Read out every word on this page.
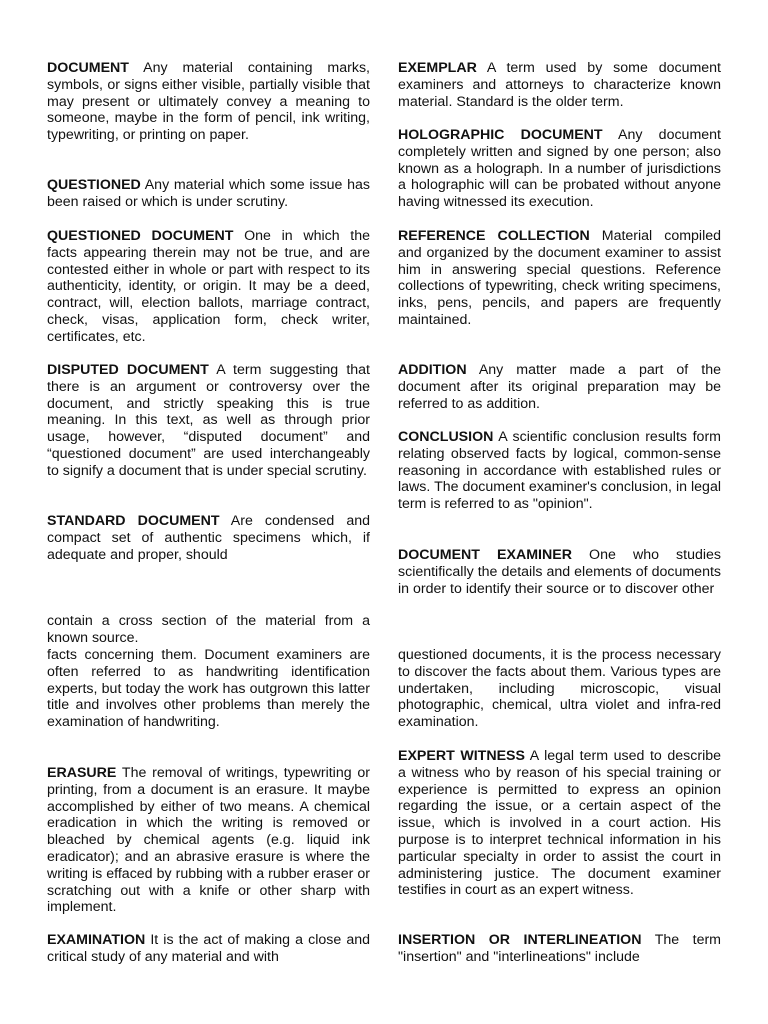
DOCUMENT Any material containing marks, symbols, or signs either visible, partially visible that may present or ultimately convey a meaning to someone, maybe in the form of pencil, ink writing, typewriting, or printing on paper.

QUESTIONED Any material which some issue has been raised or which is under scrutiny.

QUESTIONED DOCUMENT One in which the facts appearing therein may not be true, and are contested either in whole or part with respect to its authenticity, identity, or origin. It may be a deed, contract, will, election ballots, marriage contract, check, visas, application form, check writer, certificates, etc.

DISPUTED DOCUMENT A term suggesting that there is an argument or controversy over the document, and strictly speaking this is true meaning. In this text, as well as through prior usage, however, “disputed document” and “questioned document” are used interchangeably to signify a document that is under special scrutiny.

STANDARD DOCUMENT Are condensed and compact set of authentic specimens which, if adequate and proper, should

contain a cross section of the material from a known source.

facts concerning them. Document examiners are often referred to as handwriting identification experts, but today the work has outgrown this latter title and involves other problems than merely the examination of handwriting.

ERASURE The removal of writings, typewriting or printing, from a document is an erasure. It maybe accomplished by either of two means. A chemical eradication in which the writing is removed or bleached by chemical agents (e.g. liquid ink eradicator); and an abrasive erasure is where the writing is effaced by rubbing with a rubber eraser or scratching out with a knife or other sharp with implement.

EXAMINATION It is the act of making a close and critical study of any material and with

EXEMPLAR A term used by some document examiners and attorneys to characterize known material. Standard is the older term.

HOLOGRAPHIC DOCUMENT Any document completely written and signed by one person; also known as a holograph. In a number of jurisdictions a holographic will can be probated without anyone having witnessed its execution.

REFERENCE COLLECTION Material compiled and organized by the document examiner to assist him in answering special questions. Reference collections of typewriting, check writing specimens, inks, pens, pencils, and papers are frequently maintained.

ADDITION Any matter made a part of the document after its original preparation may be referred to as addition.

CONCLUSION A scientific conclusion results form relating observed facts by logical, common-sense reasoning in accordance with established rules or laws. The document examiner's conclusion, in legal term is referred to as "opinion".

DOCUMENT EXAMINER One who studies scientifically the details and elements of documents in order to identify their source or to discover other

questioned documents, it is the process necessary to discover the facts about them. Various types are undertaken, including microscopic, visual photographic, chemical, ultra violet and infra-red examination.

EXPERT WITNESS A legal term used to describe a witness who by reason of his special training or experience is permitted to express an opinion regarding the issue, or a certain aspect of the issue, which is involved in a court action. His purpose is to interpret technical information in his particular specialty in order to assist the court in administering justice. The document examiner testifies in court as an expert witness.

INSERTION OR INTERLINEATION The term "insertion" and "interlineations" include
